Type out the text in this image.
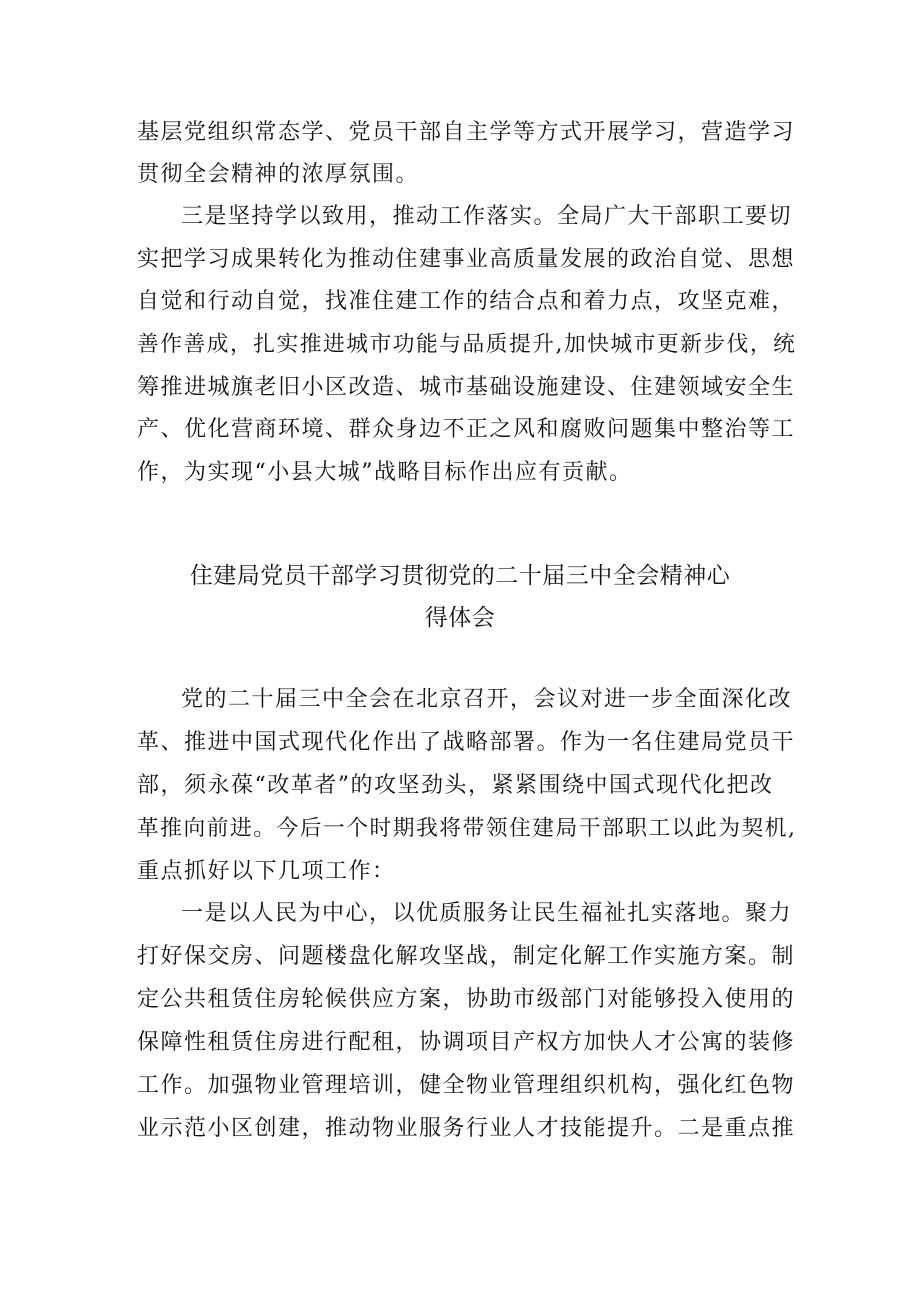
基层党组织常态学、党员干部自主学等方式开展学习，营造学习
贯彻全会精神的浓厚氛围。
三是坚持学以致用，推动工作落实。全局广大干部职工要切
实把学习成果转化为推动住建事业高质量发展的政治自觉、思想
自觉和行动自觉，找准住建工作的结合点和着力点，攻坚克难，
善作善成，扎实推进城市功能与品质提升,加快城市更新步伐，统
筹推进城旗老旧小区改造、城市基础设施建设、住建领域安全生
产、优化营商环境、群众身边不正之风和腐败问题集中整治等工
作，为实现“小县大城”战略目标作出应有贡献。
住建局党员干部学习贯彻党的二十届三中全会精神心
得体会
党的二十届三中全会在北京召开，会议对进一步全面深化改
革、推进中国式现代化作出了战略部署。作为一名住建局党员干
部，须永葆“改革者”的攻坚劲头，紧紧围绕中国式现代化把改
革推向前进。今后一个时期我将带领住建局干部职工以此为契机,
重点抓好以下几项工作：
一是以人民为中心，以优质服务让民生福祉扎实落地。聚力
打好保交房、问题楼盘化解攻坚战，制定化解工作实施方案。制
定公共租赁住房轮候供应方案，协助市级部门对能够投入使用的
保障性租赁住房进行配租，协调项目产权方加快人才公寓的装修
工作。加强物业管理培训，健全物业管理组织机构，强化红色物
业示范小区创建，推动物业服务行业人才技能提升。二是重点推
